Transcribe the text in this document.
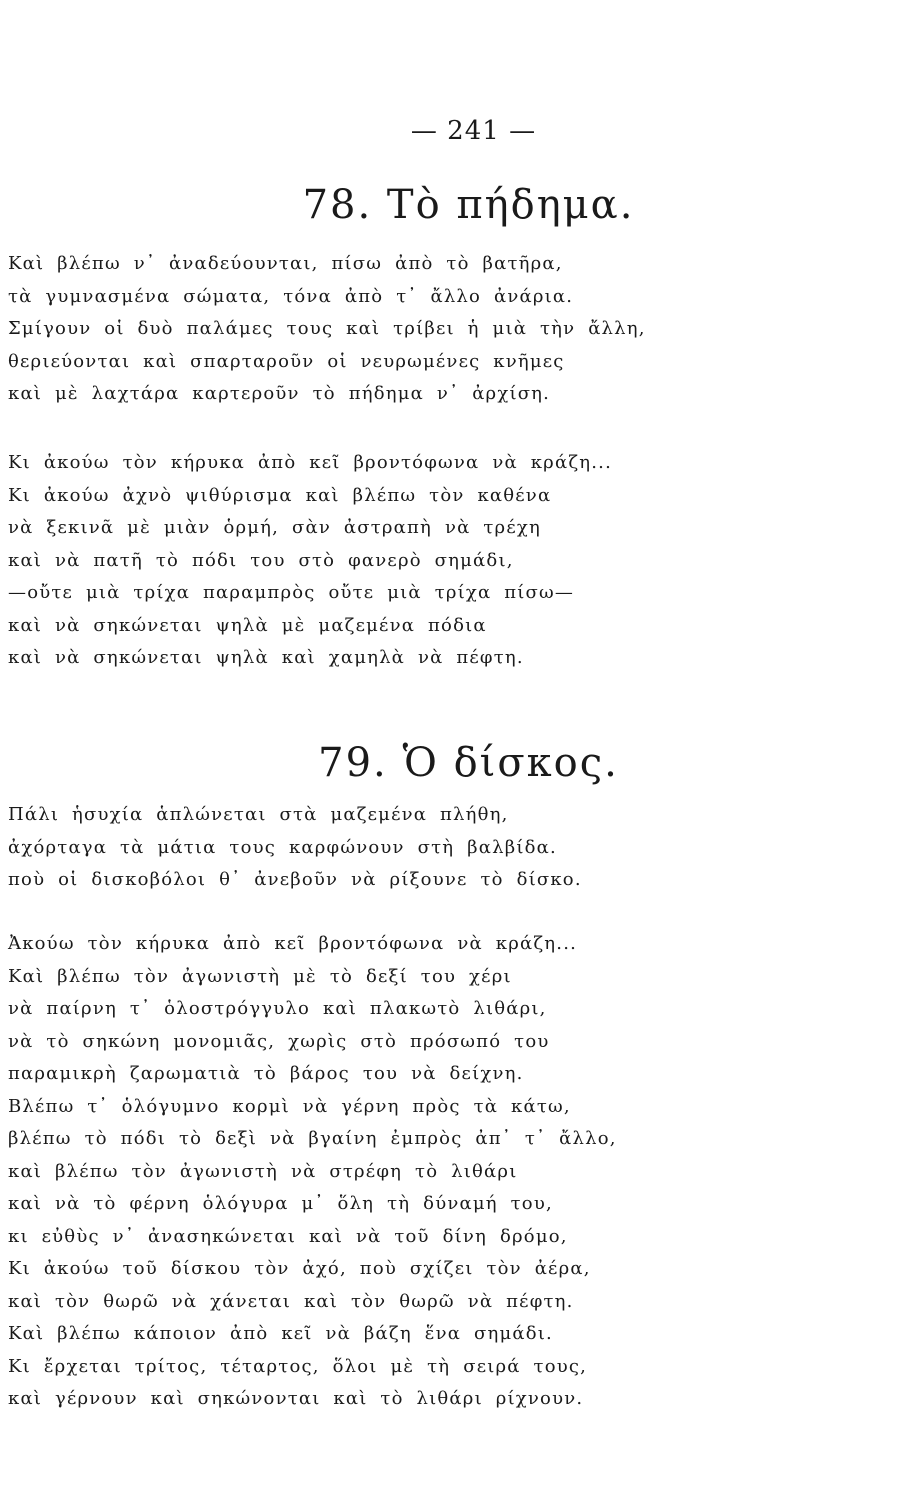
— 241 —
78. Τὸ πήδημα.
Καὶ βλέπω ν᾽ ἀναδεύουνται, πίσω ἀπὸ τὸ βατῆρα,
τὰ γυμνασμένα σώματα, τόνα ἀπὸ τ᾽ ἄλλο ἀνάρια.
Σμίγουν οἱ δυὸ παλάμες τους καὶ τρίβει ἡ μιὰ τὴν ἄλλη,
θεριεύονται καὶ σπαρταροῦν οἱ νευρωμένες κνῆμες
καὶ μὲ λαχτάρα καρτεροῦν τὸ πήδημα ν᾽ ἀρχίση.
Κι ἀκούω τὸν κήρυκα ἀπὸ κεῖ βροντόφωνα νὰ κράζη...
Κι ἀκούω ἀχνὸ ψιθύρισμα καὶ βλέπω τὸν καθένα
νὰ ξεκινᾶ μὲ μιὰν ὁρμή, σὰν ἀστραπὴ νὰ τρέχη
καὶ νὰ πατῆ τὸ πόδι του στὸ φανερὸ σημάδι,
—οὔτε μιὰ τρίχα παραμπρὸς οὔτε μιὰ τρίχα πίσω—
καὶ νὰ σηκώνεται ψηλὰ μὲ μαζεμένα πόδια
καὶ νὰ σηκώνεται ψηλὰ καὶ χαμηλὰ νὰ πέφτη.
79. Ὁ δίσκος.
Πάλι ἡσυχία ἁπλώνεται στὰ μαζεμένα πλήθη,
ἀχόρταγα τὰ μάτια τους καρφώνουν στὴ βαλβίδα.
ποὺ οἱ δισκοβόλοι θ᾽ ἀνεβοῦν νὰ ρίξουνε τὸ δίσκο.
Ἀκούω τὸν κήρυκα ἀπὸ κεῖ βροντόφωνα νὰ κράζη...
Καὶ βλέπω τὸν ἀγωνιστὴ μὲ τὸ δεξί του χέρι
νὰ παίρνη τ᾽ ὁλοστρόγγυλο καὶ πλακωτὸ λιθάρι,
νὰ τὸ σηκώνη μονομιᾶς, χωρὶς στὸ πρόσωπό του
παραμικρὴ ζαρωματιὰ τὸ βάρος του νὰ δείχνη.
Βλέπω τ᾽ ὁλόγυμνο κορμὶ νὰ γέρνη πρὸς τὰ κάτω,
βλέπω τὸ πόδι τὸ δεξὶ νὰ βγαίνη ἐμπρὸς ἀπ᾽ τ᾽ ἄλλο,
καὶ βλέπω τὸν ἀγωνιστὴ νὰ στρέφη τὸ λιθάρι
καὶ νὰ τὸ φέρνη ὁλόγυρα μ᾽ ὅλη τὴ δύναμή του,
κι εὐθὺς ν᾽ ἀνασηκώνεται καὶ νὰ τοῦ δίνη δρόμο,
Κι ἀκούω τοῦ δίσκου τὸν ἀχό, ποὺ σχίζει τὸν ἀέρα,
καὶ τὸν θωρῶ νὰ χάνεται καὶ τὸν θωρῶ νὰ πέφτη.
Καὶ βλέπω κάποιον ἀπὸ κεῖ νὰ βάζη ἕνα σημάδι.
Κι ἔρχεται τρίτος, τέταρτος, ὅλοι μὲ τὴ σειρά τους,
καὶ γέρνουν καὶ σηκώνονται καὶ τὸ λιθάρι ρίχνουν.
